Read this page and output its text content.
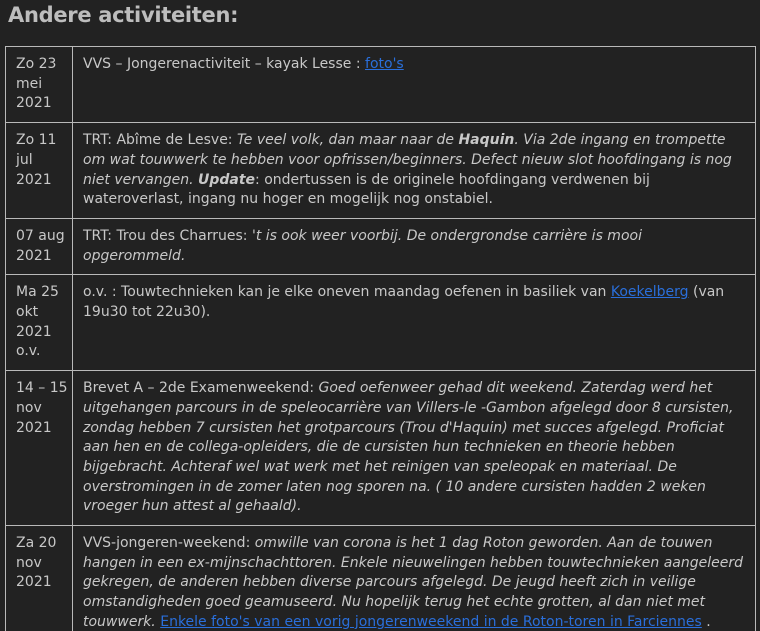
Andere activiteiten:
Zo 23 mei 2021	VVS – Jongerenactiviteit – kayak Lesse : foto's
Zo 11 jul 2021	TRT: Abîme de Lesve: Te veel volk, dan maar naar de Haquin. Via 2de ingang en trompette om wat touwwerk te hebben voor opfrissen/beginners. Defect nieuw slot hoofdingang is nog niet vervangen. Update: ondertussen is de originele hoofdingang verdwenen bij wateroverlast, ingang nu hoger en mogelijk nog onstabiel.
07 aug 2021	TRT: Trou des Charrues: 't is ook weer voorbij. De ondergrondse carrière is mooi opgerommeld.
Ma 25 okt 2021 o.v.	o.v. : Touwtechnieken kan je elke oneven maandag oefenen in basiliek van Koekelberg (van 19u30 tot 22u30).
14 – 15 nov 2021	Brevet A – 2de Examenweekend: Goed oefenweer gehad dit weekend. Zaterdag werd het uitgehangen parcours in de speleocarrière van Villers-le -Gambon afgelegd door 8 cursisten, zondag hebben 7 cursisten het grotparcours (Trou d'Haquin) met succes afgelegd. Proficiat aan hen en de collega-opleiders, die de cursisten hun technieken en theorie hebben bijgebracht. Achteraf wel wat werk met het reinigen van speleopak en materiaal. De overstromingen in de zomer laten nog sporen na. ( 10 andere cursisten hadden 2 weken vroeger hun attest al gehaald).
Za 20 nov 2021	VVS-jongeren-weekend: omwille van corona is het 1 dag Roton geworden. Aan de touwen hangen in een ex-mijnschachttoren. Enkele nieuwelingen hebben touwtechnieken aangeleerd gekregen, de anderen hebben diverse parcours afgelegd. De jeugd heeft zich in veilige omstandigheden goed geamuseerd. Nu hopelijk terug het echte grotten, al dan niet met touwwerk. Enkele foto's van een vorig jongerenweekend in de Roton-toren in Farciennes .
